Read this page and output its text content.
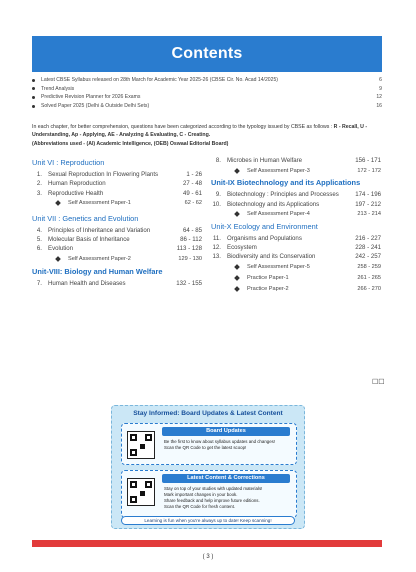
Contents
Latest CBSE Syllabus released on 28th March for Academic Year 2025-26 (CBSE Cir. No. Acad 14/2025)	6
Trend Analysis	9
Predictive Revision Planner for 2026 Exams	12
Solved Paper 2025 (Delhi & Outside Delhi Sets)	16
In each chapter, for better comprehension, questions have been categorized according to the typology issued by CBSE as follows : R - Recall, U - Understanding, Ap - Applying, AE - Analyzing & Evaluating, C - Creating.
(Abbreviations used - (AI) Academic Intelligence, (OEB) Oswaal Editorial Board)
Unit VI : Reproduction
1. Sexual Reproduction In Flowering Plants	1 - 26
2. Human Reproduction	27 - 48
3. Reproductive Health	49 - 61
Self Assessment Paper-1	62 - 62
Unit VII : Genetics and Evolution
4. Principles of Inheritance and Variation	64 - 85
5. Molecular Basis of Inheritance	86 - 112
6. Evolution	113 - 128
Self Assessment Paper-2	129 - 130
Unit-VIII: Biology and Human Welfare
7. Human Health and Diseases	132 - 155
8. Microbes in Human Welfare	156 - 171
Self Assessment Paper-3	172 - 172
Unit-IX Biotechnology and its Applications
9. Biotechnology : Principles and Processes	174 - 196
10. Biotechnology and its Applications	197 - 212
Self Assessment Paper-4	213 - 214
Unit-X Ecology and Environment
11. Organisms and Populations	216 - 227
12. Ecosystem	228 - 241
13. Biodiversity and its Conservation	242 - 257
Self Assessment Paper-5	258 - 259
Practice Paper-1	261 - 265
Practice Paper-2	266 - 270
☐☐
Stay Informed: Board Updates & Latest Content
Board Updates
Be the first to know about syllabus updates and changes!
Scan the QR Code to get the latest scoop!
Latest Content & Corrections
Stay on top of your studies with updated materials!
Mark important changes in your book.
Share feedback and help improve future editions.
Scan the QR Code for fresh content.
Learning is fun when you're always up to date! Keep scanning!
( 3 )
